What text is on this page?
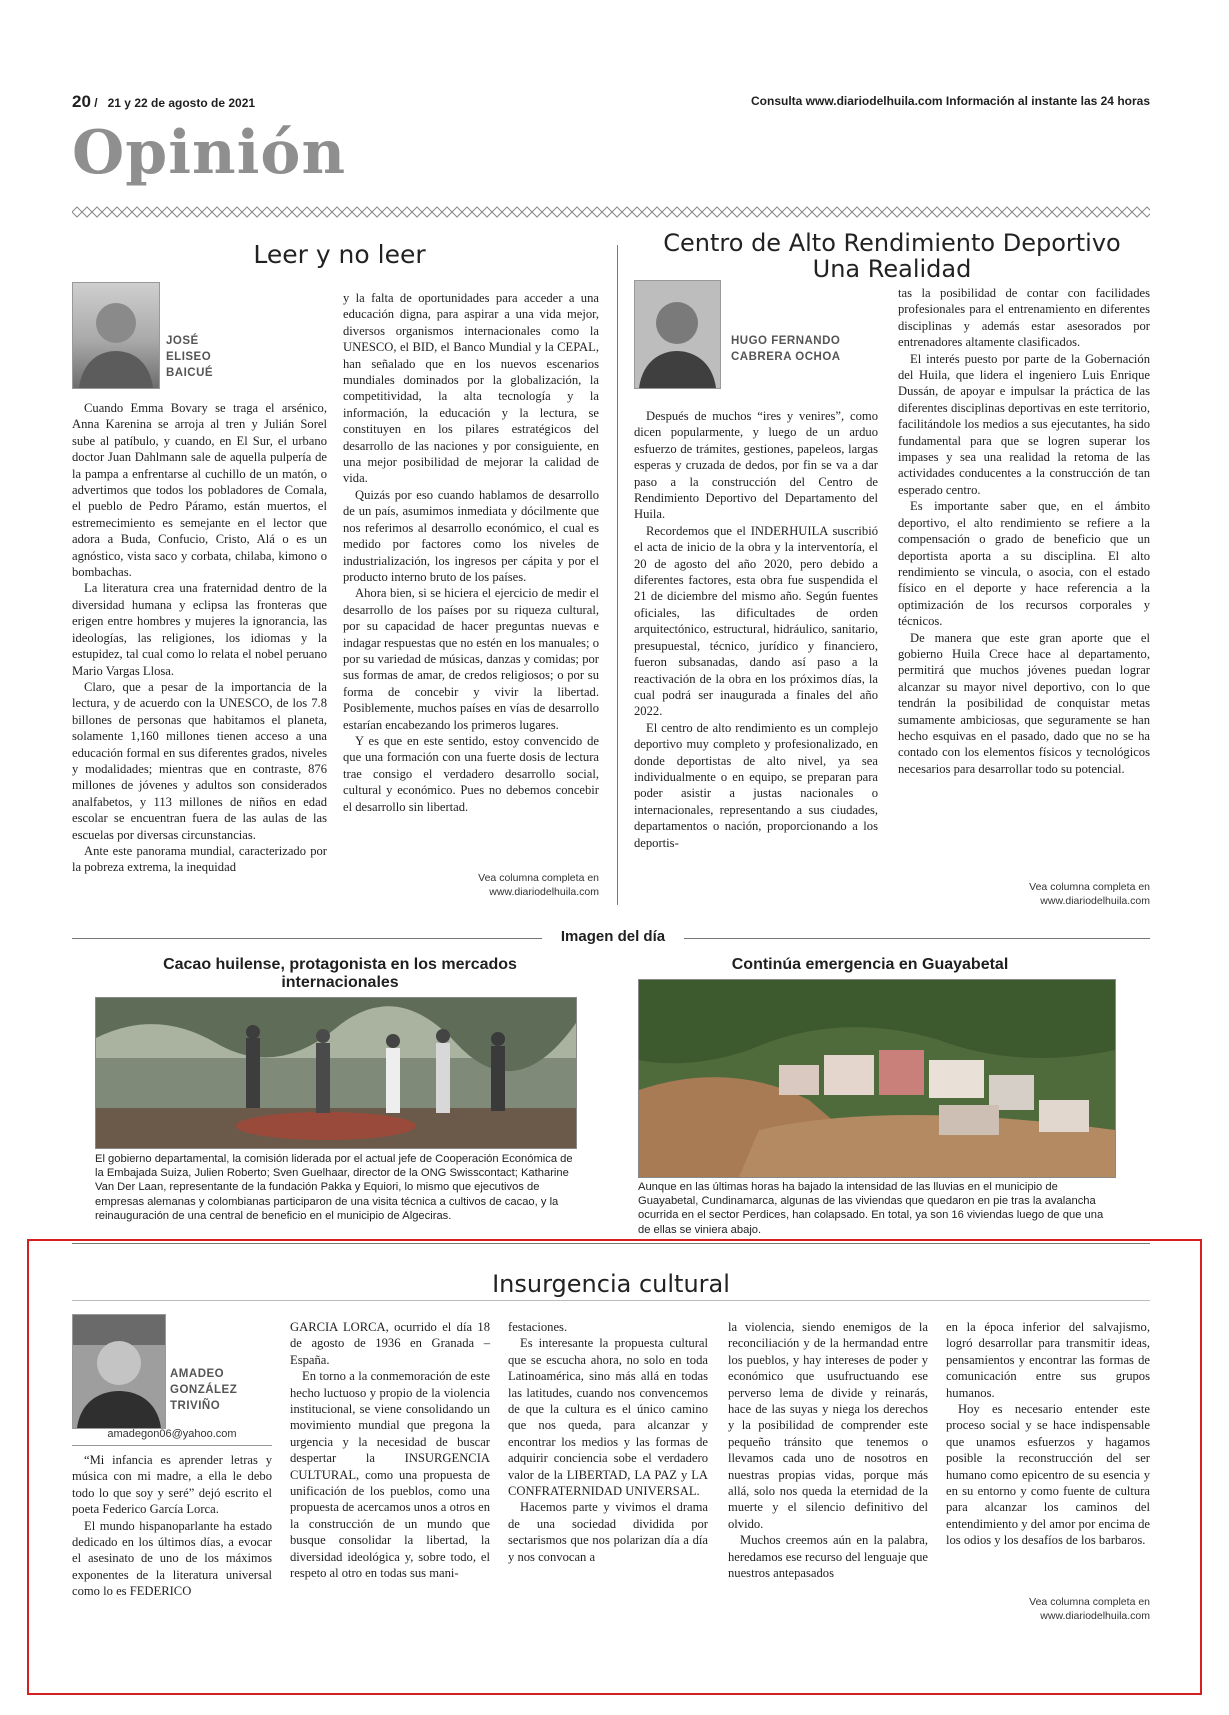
20 /   21 y 22 de agosto de 2021	Consulta www.diariodelhuila.com Información al instante las 24 horas
Opinión
Leer y no leer
JOSÉ
ELISEO
BAICUÉ

Cuando Emma Bovary se traga el arsénico, Anna Karenina se arroja al tren y Julián Sorel sube al patíbulo, y cuando, en El Sur, el urbano doctor Juan Dahlmann sale de aquella pulpería de la pampa a enfrentarse al cuchillo de un matón, o advertimos que todos los pobladores de Comala, el pueblo de Pedro Páramo, están muertos, el estremecimiento es semejante en el lector que adora a Buda, Confucio, Cristo, Alá o es un agnóstico, vista saco y corbata, chilaba, kimono o bombachas.

La literatura crea una fraternidad dentro de la diversidad humana y eclipsa las fronteras que erigen entre hombres y mujeres la ignorancia, las ideologías, las religiones, los idiomas y la estupidez, tal cual como lo relata el nobel peruano Mario Vargas Llosa.

Claro, que a pesar de la importancia de la lectura, y de acuerdo con la UNESCO, de los 7.8 billones de personas que habitamos el planeta, solamente 1,160 millones tienen acceso a una educación formal en sus diferentes grados, niveles y modalidades; mientras que en contraste, 876 millones de jóvenes y adultos son considerados analfabetos, y 113 millones de niños en edad escolar se encuentran fuera de las aulas de las escuelas por diversas circunstancias.

Ante este panorama mundial, caracterizado por la pobreza extrema, la inequidad

y la falta de oportunidades para acceder a una educación digna, para aspirar a una vida mejor, diversos organismos internacionales como la UNESCO, el BID, el Banco Mundial y la CEPAL, han señalado que en los nuevos escenarios mundiales dominados por la globalización, la competitividad, la alta tecnología y la información, la educación y la lectura, se constituyen en los pilares estratégicos del desarrollo de las naciones y por consiguiente, en una mejor posibilidad de mejorar la calidad de vida.

Quizás por eso cuando hablamos de desarrollo de un país, asumimos inmediata y dócilmente que nos referimos al desarrollo económico, el cual es medido por factores como los niveles de industrialización, los ingresos per cápita y por el producto interno bruto de los países.

Ahora bien, si se hiciera el ejercicio de medir el desarrollo de los países por su riqueza cultural, por su capacidad de hacer preguntas nuevas e indagar respuestas que no estén en los manuales; o por su variedad de músicas, danzas y comidas; por sus formas de amar, de credos religiosos; o por su forma de concebir y vivir la libertad. Posiblemente, muchos países en vías de desarrollo estarían encabezando los primeros lugares.

Y es que en este sentido, estoy convencido de que una formación con una fuerte dosis de lectura trae consigo el verdadero desarrollo social, cultural y económico. Pues no debemos concebir el desarrollo sin libertad.

Vea columna completa en
www.diariodelhuila.com
Centro de Alto Rendimiento Deportivo
Una Realidad
HUGO FERNANDO
CABRERA OCHOA

Después de muchos “ires y venires”, como dicen popularmente, y luego de un arduo esfuerzo de trámites, gestiones, papeleos, largas esperas y cruzada de dedos, por fin se va a dar paso a la construcción del Centro de Rendimiento Deportivo del Departamento del Huila.

Recordemos que el INDERHUILA suscribió el acta de inicio de la obra y la interventoría, el 20 de agosto del año 2020, pero debido a diferentes factores, esta obra fue suspendida el 21 de diciembre del mismo año. Según fuentes oficiales, las dificultades de orden arquitectónico, estructural, hidráulico, sanitario, presupuestal, técnico, jurídico y financiero, fueron subsanadas, dando así paso a la reactivación de la obra en los próximos días, la cual podrá ser inaugurada a finales del año 2022.

El centro de alto rendimiento es un complejo deportivo muy completo y profesionalizado, en donde deportistas de alto nivel, ya sea individualmente o en equipo, se preparan para poder asistir a justas nacionales o internacionales, representando a sus ciudades, departamentos o nación, proporcionando a los deportis-

tas la posibilidad de contar con facilidades profesionales para el entrenamiento en diferentes disciplinas y además estar asesorados por entrenadores altamente clasificados.

El interés puesto por parte de la Gobernación del Huila, que lidera el ingeniero Luis Enrique Dussán, de apoyar e impulsar la práctica de las diferentes disciplinas deportivas en este territorio, facilitándole los medios a sus ejecutantes, ha sido fundamental para que se logren superar los impases y sea una realidad la retoma de las actividades conducentes a la construcción de tan esperado centro.

Es importante saber que, en el ámbito deportivo, el alto rendimiento se refiere a la compensación o grado de beneficio que un deportista aporta a su disciplina. El alto rendimiento se vincula, o asocia, con el estado físico en el deporte y hace referencia a la optimización de los recursos corporales y técnicos.

De manera que este gran aporte que el gobierno Huila Crece hace al departamento, permitirá que muchos jóvenes puedan lograr alcanzar su mayor nivel deportivo, con lo que tendrán la posibilidad de conquistar metas sumamente ambiciosas, que seguramente se han hecho esquivas en el pasado, dado que no se ha contado con los elementos físicos y tecnológicos necesarios para desarrollar todo su potencial.

Vea columna completa en
www.diariodelhuila.com
Imagen del día
Cacao huilense, protagonista en los mercados internacionales
El gobierno departamental, la comisión liderada por el actual jefe de Cooperación Económica de la Embajada Suiza, Julien Roberto; Sven Guelhaar, director de la ONG Swisscontact; Katharine Van Der Laan, representante de la fundación Pakka y Equiori, lo mismo que ejecutivos de empresas alemanas y colombianas participaron de una visita técnica a cultivos de cacao, y la reinauguración de una central de beneficio en el municipio de Algeciras.
Continúa emergencia en Guayabetal
Aunque en las últimas horas ha bajado la intensidad de las lluvias en el municipio de Guayabetal, Cundinamarca, algunas de las viviendas que quedaron en pie tras la avalancha ocurrida en el sector Perdices, han colapsado. En total, ya son 16 viviendas luego de que una de ellas se viniera abajo.
Insurgencia cultural
AMADEO
GONZÁLEZ
TRIVIÑO
amadegon06@yahoo.com

“Mi infancia es aprender letras y música con mi madre, a ella le debo todo lo que soy y seré” dejó escrito el poeta Federico García Lorca.

El mundo hispanoparlante ha estado dedicado en los últimos días, a evocar el asesinato de uno de los máximos exponentes de la literatura universal como lo es FEDERICO

GARCIA LORCA, ocurrido el día 18 de agosto de 1936 en Granada – España.

En torno a la conmemoración de este hecho luctuoso y propio de la violencia institucional, se viene consolidando un movimiento mundial que pregona la urgencia y la necesidad de buscar despertar la INSURGENCIA CULTURAL, como una propuesta de unificación de los pueblos, como una propuesta de acercamos unos a otros en la construcción de un mundo que busque consolidar la libertad, la diversidad ideológica y, sobre todo, el respeto al otro en todas sus mani-

festaciones.

Es interesante la propuesta cultural que se escucha ahora, no solo en toda Latinoamérica, sino más allá en todas las latitudes, cuando nos convencemos de que la cultura es el único camino que nos queda, para alcanzar y encontrar los medios y las formas de adquirir conciencia sobe el verdadero valor de la LIBERTAD, LA PAZ y LA CONFRATERNIDAD UNIVERSAL.

Hacemos parte y vivimos el drama de una sociedad dividida por sectarismos que nos polarizan día a día y nos convocan a

la violencia, siendo enemigos de la reconciliación y de la hermandad entre los pueblos, y hay intereses de poder y económico que usufructuando ese perverso lema de divide y reinarás, hace de las suyas y niega los derechos y la posibilidad de comprender este pequeño tránsito que tenemos o llevamos cada uno de nosotros en nuestras propias vidas, porque más allá, solo nos queda la eternidad de la muerte y el silencio definitivo del olvido.

Muchos creemos aún en la palabra, heredamos ese recurso del lenguaje que nuestros antepasados

en la época inferior del salvajismo, logró desarrollar para transmitir ideas, pensamientos y encontrar las formas de comunicación entre sus grupos humanos.

Hoy es necesario entender este proceso social y se hace indispensable que unamos esfuerzos y hagamos posible la reconstrucción del ser humano como epicentro de su esencia y en su entorno y como fuente de cultura para alcanzar los caminos del entendimiento y del amor por encima de los odios y los desafíos de los barbaros.

Vea columna completa en
www.diariodelhuila.com
